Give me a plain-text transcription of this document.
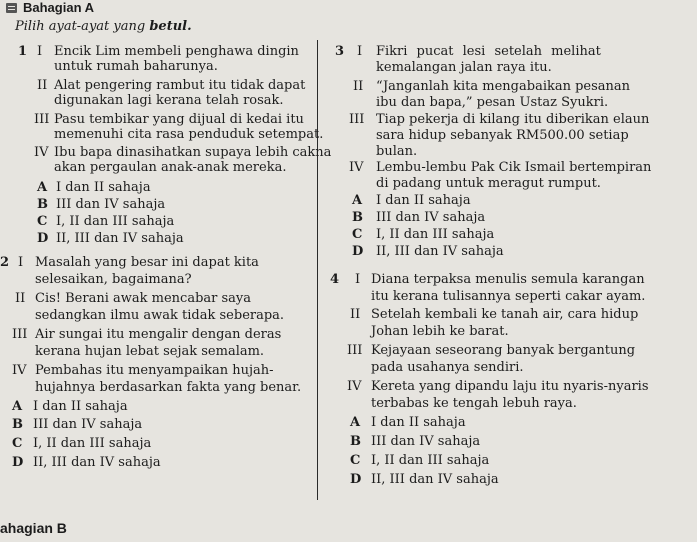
Bahagian A
Pilih ayat-ayat yang betul.
1 I Encik Lim membeli penghawa dingin
untuk rumah baharunya.
II Alat pengering rambut itu tidak dapat
digunakan lagi kerana telah rosak.
III Pasu tembikar yang dijual di kedai itu
memenuhi cita rasa penduduk setempat.
IV Ibu bapa dinasihatkan supaya lebih cakna
akan pergaulan anak-anak mereka.
A I dan II sahaja
B III dan IV sahaja
C I, II dan III sahaja
D II, III dan IV sahaja
2 I Masalah yang besar ini dapat kita
selesaikan, bagaimana?
II Cis! Berani awak mencabar saya
sedangkan ilmu awak tidak seberapa.
III Air sungai itu mengalir dengan deras
kerana hujan lebat sejak semalam.
IV Pembahas itu menyampaikan hujah-
hujahnya berdasarkan fakta yang benar.
A I dan II sahaja
B III dan IV sahaja
C I, II dan III sahaja
D II, III dan IV sahaja
3 I Fikri pucat lesi setelah melihat
kemalangan jalan raya itu.
II “Janganlah kita mengabaikan pesanan
ibu dan bapa,” pesan Ustaz Syukri.
III Tiap pekerja di kilang itu diberikan elaun
sara hidup sebanyak RM500.00 setiap
bulan.
IV Lembu-lembu Pak Cik Ismail bertempiran
di padang untuk meragut rumput.
A I dan II sahaja
B III dan IV sahaja
C I, II dan III sahaja
D II, III dan IV sahaja
4 I Diana terpaksa menulis semula karangan
itu kerana tulisannya seperti cakar ayam.
II Setelah kembali ke tanah air, cara hidup
Johan lebih ke barat.
III Kejayaan seseorang banyak bergantung
pada usahanya sendiri.
IV Kereta yang dipandu laju itu nyaris-nyaris
terbabas ke tengah lebuh raya.
A I dan II sahaja
B III dan IV sahaja
C I, II dan III sahaja
D II, III dan IV sahaja
ahagian B
